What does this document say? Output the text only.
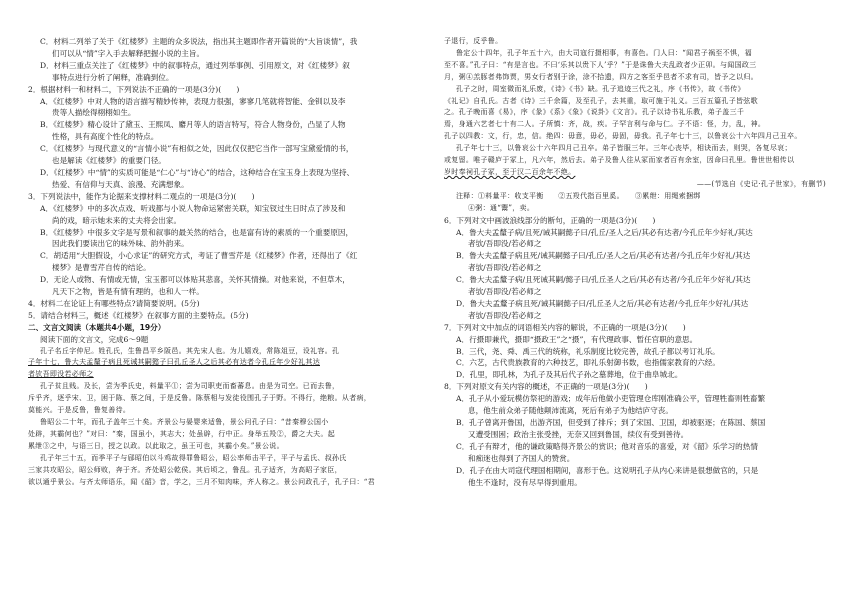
C．材料二列举了关于《红楼梦》主题的众多说法，指出其主题即作者开篇说的“大旨谈情”，我
们可以从“情”字入手去解释把握小说的主旨。
D．材料三重点关注了《红楼梦》中的叙事特点，通过列举事例、引用原文，对《红楼梦》叙
事特点进行分析了阐释，准确到位。
2．根据材料一和材料二，下列说法不正确的一项是(3分)(　　)
A．《红楼梦》中对人物的语言描写精妙传神，表现力很强，寥寥几笔就将智能、金钏以及李
贵等人描绘得栩栩如生。
B．《红楼梦》精心设计了黛玉、王熙凤、麝月等人的语言特写，符合人物身份，凸显了人物
性格，具有高度个性化的特点。
C．《红楼梦》与现代意义的“言情小说”有相似之处，因此仅仅把它当作一部写宝黛爱情的书，
也是解读《红楼梦》的重要门径。
D．《红楼梦》中“情”的实质可能是“仁心”与“诗心”的结合，这种结合在宝玉身上表现为坚持、
热爱、有信仰与天真、浪漫、充满想象。
3．下列说法中，能作为论据来支撑材料二观点的一项是(3分)(　　)
A．《红楼梦》中的多次点戏、听戏都与小说人物命运紧密关联，知宝钗过生日时点了涉及和
尚的戏，暗示她未来的丈夫将会出家。
B．《红楼梦》中很多文字是写景和叙事的最关然的结合，也是富有诗的素质的一个重要原因，
因此我们要读出它的味外味、韵外韵来。
C．胡适用“大胆假设，小心求证”的研究方式，考证了曹雪芹是《红楼梦》作者，还得出了《红
楼梦》是曹雪芹自传的结论。
D．无论人或物、有情或无情，宝玉都可以体贴其悲喜，关怀其情操。对他来说，不但草木，
凡天下之物，皆是有情有理的，也和人一样。
4．材料二在论证上有哪些特点?请简要说明。(5分)
5．请结合材料三，概述《红楼梦》在叙事方面的主要特点。(5分)
二、文言文阅读（本题共4小题，19分）
阅读下面的文言文，完成6～9题
孔子名丘字仲尼。姓孔氏，生鲁昌平乡阪邑。其先宋人也。为儿嬉戏，常陈俎豆，设礼容。孔
子年十七，鲁大夫孟釐子病且死诫其嗣懿子曰孔丘圣人之后其必有达者今孔丘年少好礼其达
者欤吾即没若必师之
孔子贫且贱。及长，尝为季氏史，料量平①；尝为司职吏而畜蕃息。由是为司空。已而去鲁，
斥乎齐，逐乎宋、卫，困于陈、蔡之间，于是反鲁。陈蔡相与发徒役围孔子于野。不得行，绝粮。从者病，
莫能兴。于是反鲁，鲁复善待。
鲁昭公二十年，而孔子盖年三十矣。齐景公与晏婴来适鲁，景公问孔子曰：“昔秦穆公国小
处辟，其霸何也？”对曰：“秦，国虽小，其志大；处虽辟，行中正。身举五羖②，爵之大夫。起
累绁③之中，与语三日，授之以政。以此取之，虽王可也，其霸小矣。”景公说。
孔子年三十五，而季平子与郈昭伯以斗鸡故得罪鲁昭公，昭公率师击平子，平子与孟氏、叔孙氏
三家共攻昭公，昭公师败，奔于齐。齐处昭公乾侯。其后顷之，鲁乱。孔子适齐，为高昭子家臣，
欲以通乎景公。与齐太师语乐，闻《韶》音，学之，三月不知肉味，齐人称之。景公问政孔子，孔子曰：“君
子退行，反乎鲁。
鲁定公十四年，孔子年五十六，由大司寇行摄相事，有喜色。门人曰：“闻君子祸至不惧，福
至不喜。”孔子曰：“有是言也。不曰‘乐其以贵下人’乎？”于是诛鲁大夫乱政者少正卯。与闻国政三
月，粥④羔豚者弗饰贾，男女行者别于涂，涂不拾遗，四方之客至乎邑者不求有司，皆予之以归。
孔子之时，周室微而礼乐废，《诗》《书》缺。孔子追迹三代之礼，序《书传》，故《书传》
《礼记》自孔氏。古者《诗》三千余篇，及至孔子，去其重，取可施于礼义。三百五篇孔子皆弦歌
之。孔子晚而喜《易》，序《彖》《系》《象》《说卦》《文言》。孔子以诗书礼乐教，弟子盖三千
焉，身通六艺者七十有二人。子所慎：齐，战，疾。子罕言利与命与仁。子不语：怪，力，乱，神。
孔子以四教：文，行，忠，信。绝四：毋意，毋必，毋固，毋我。孔子年七十三，以鲁哀公十六年四月己丑卒。
孔子年七十三，以鲁哀公十六年四月己丑卒。弟子皆服三年。三年心丧毕，相诀而去，则哭，各复尽哀；
或复留。唯子赣庐于冢上，凡六年，然后去。弟子及鲁人往从冢而家者百有余室，因命曰孔里。鲁世世相传以
岁时奉祠孔子冢，至于汉二百余年不绝。
——(节选自《史记·孔子世家》，有删节)
注释：①料量平：收支平衡　　②五羖代指百里奚。　　③累绁：用绳索捆绑
④粥：通“鬻”，卖。
6．下列对文中画波浪线部分的断句，正确的一项是(3分)(　　)
A．鲁大夫孟釐子病/且死/诫其嗣懿子曰/孔丘/圣人之后/其必有达者/今孔丘年少好礼/其达
者欤/吾即没/若必师之
B．鲁大夫孟釐子病且死/诫其嗣懿子曰/孔丘/圣人之后/其必有达者/今孔丘年少好礼/其达
者欤/吾即没/若必师之
C．鲁大夫孟釐子病/且死诫其嗣/懿子曰/孔丘圣人之后/其必有达者/今孔丘年少好礼/其达
者欤/吾即没/若必师之
D．鲁大夫孟釐子病且死/诫其嗣懿子曰/孔丘圣人之后/其必有达者/今孔丘年少好礼/其达
者欤/吾即没/若必师之
7．下列对文中加点的词语相关内容的解说，不正确的一项是(3分)(　　)
A．行摄即兼代，摄即“摄政王”之“摄”，有代理政事、暂任官职的意思。
B．三代，尧、舜、禹三代的统称，礼乐制度比较完善，故孔子都以考订礼乐。
C．六艺，古代贵族教育的六种技艺，即礼乐射御书数，也指儒家教育的六经。
D．孔里，即孔林，为孔子及其后代子孙之墓葬地，位于曲阜城北。
8．下列对原文有关内容的概述，不正确的一项是(3分)(　　)
A．孔子从小爱玩模仿祭祀的游戏；成年后他做小吏管理仓库刚准确公平，管理牲畜则牲畜繁
息，他生前众弟子随他颠沛流离，死后有弟子为他结庐守丧。
B．孔子曾离开鲁国，出游齐国，但受到了排斥；到了宋国、卫国，却被驱逐；在陈国、蔡国
又遭受围困；政治主张受挫，无奈又回到鲁国，续仪有受到善待。
C．孔子有辩才，他的谦政策略得齐景公的赏识；他对音乐的喜爱，对《韶》乐学习的热情
和痴迷也得到了齐国人的赞赏。
D．孔子在由大司寇代理国相期间，喜形于色。这说明孔子从内心来讲是很想做官的，只是
他生不逢时，没有尽早得到重用。
